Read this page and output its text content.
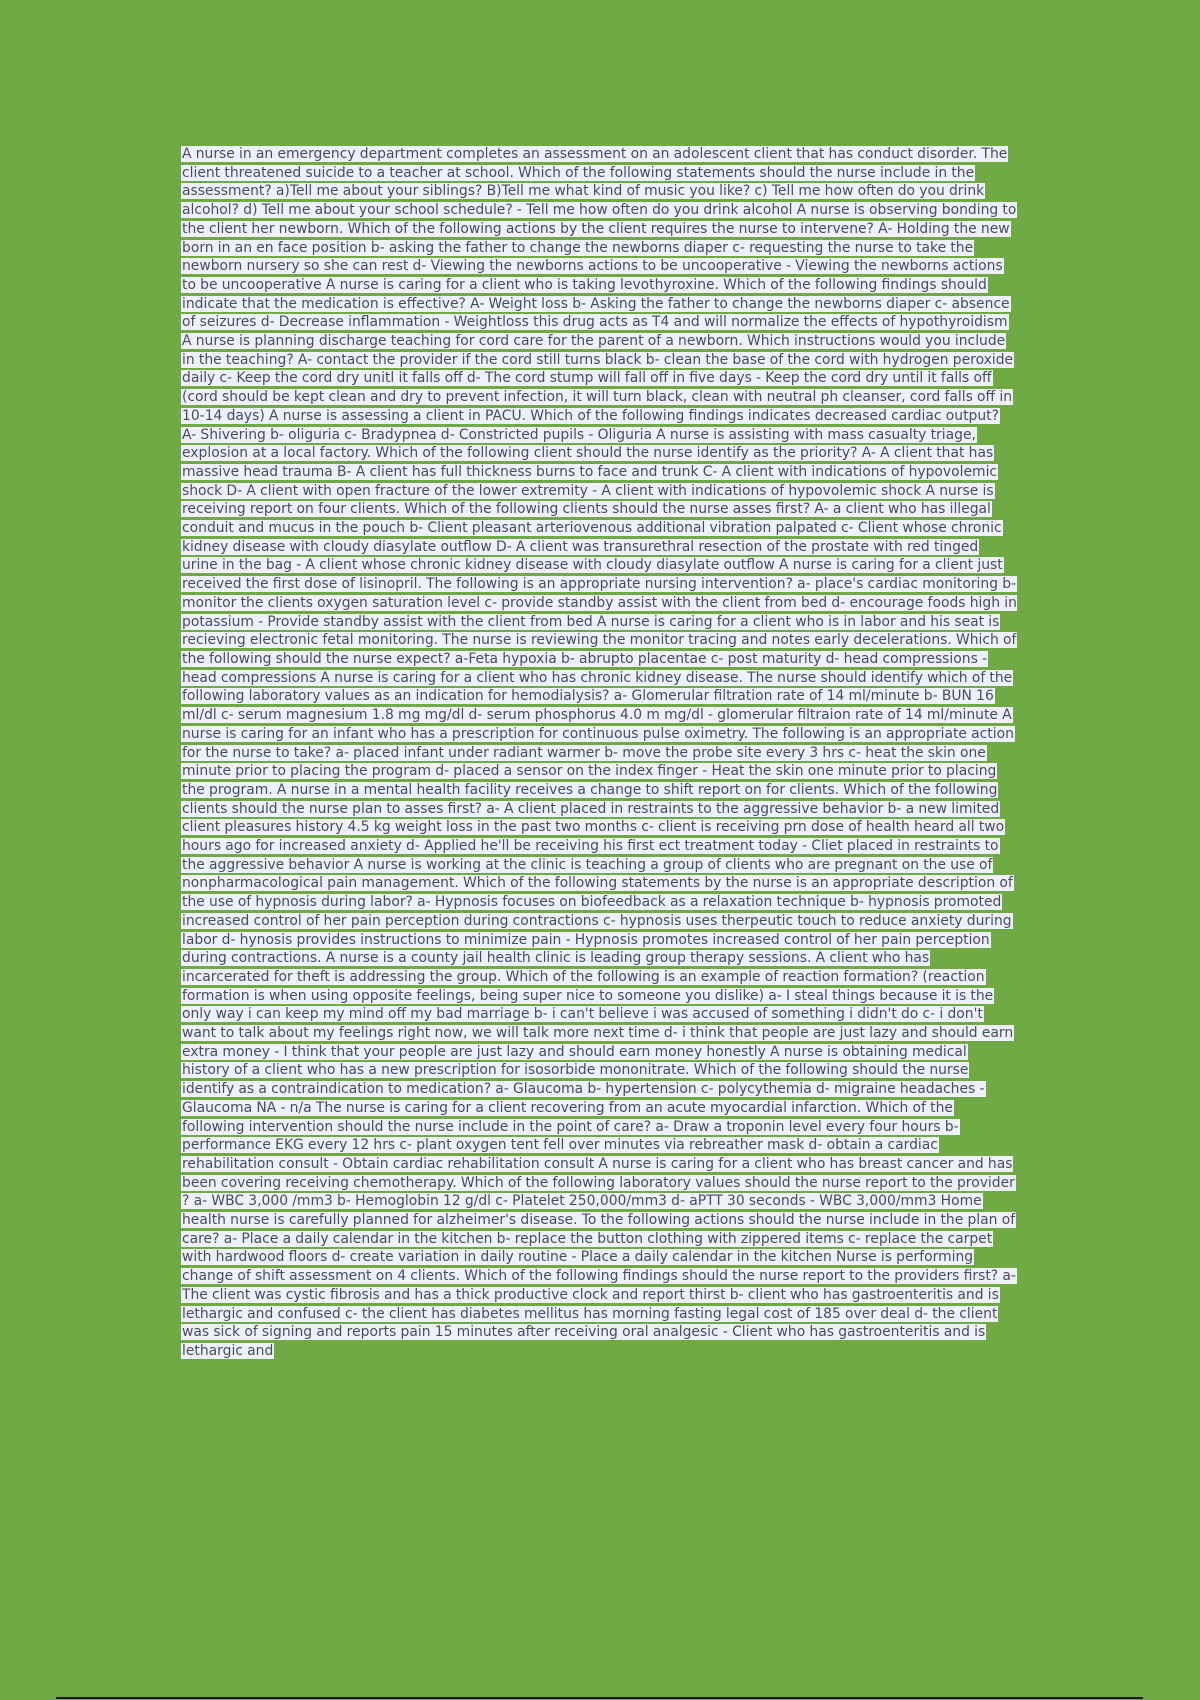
A nurse in an emergency department completes an assessment on an adolescent client that has conduct disorder. The client threatened suicide to a teacher at school. Which of the following statements should the nurse include in the assessment? a)Tell me about your siblings? B)Tell me what kind of music you like? c) Tell me how often do you drink alcohol? d) Tell me about your school schedule? - Tell me how often do you drink alcohol A nurse is observing bonding to the client her newborn. Which of the following actions by the client requires the nurse to intervene? A- Holding the new born in an en face position b- asking the father to change the newborns diaper c- requesting the nurse to take the newborn nursery so she can rest d- Viewing the newborns actions to be uncooperative - Viewing the newborns actions to be uncooperative A nurse is caring for a client who is taking levothyroxine. Which of the following findings should indicate that the medication is effective? A- Weight loss b- Asking the father to change the newborns diaper c- absence of seizures d- Decrease inflammation - Weightloss this drug acts as T4 and will normalize the effects of hypothyroidism A nurse is planning discharge teaching for cord care for the parent of a newborn. Which instructions would you include in the teaching? A- contact the provider if the cord still turns black b- clean the base of the cord with hydrogen peroxide daily c- Keep the cord dry unitl it falls off d- The cord stump will fall off in five days - Keep the cord dry until it falls off (cord should be kept clean and dry to prevent infection, it will turn black, clean with neutral ph cleanser, cord falls off in 10-14 days) A nurse is assessing a client in PACU. Which of the following findings indicates decreased cardiac output? A- Shivering b- oliguria c- Bradypnea d- Constricted pupils - Oliguria A nurse is assisting with mass casualty triage, explosion at a local factory. Which of the following client should the nurse identify as the priority? A- A client that has massive head trauma B- A client has full thickness burns to face and trunk C- A client with indications of hypovolemic shock D- A client with open fracture of the lower extremity - A client with indications of hypovolemic shock A nurse is receiving report on four clients. Which of the following clients should the nurse asses first? A- a client who has illegal conduit and mucus in the pouch b- Client pleasant arteriovenous additional vibration palpated c- Client whose chronic kidney disease with cloudy diasylate outflow D- A client was transurethral resection of the prostate with red tinged urine in the bag - A client whose chronic kidney disease with cloudy diasylate outflow A nurse is caring for a client just received the first dose of lisinopril. The following is an appropriate nursing intervention? a- place's cardiac monitoring b- monitor the clients oxygen saturation level c- provide standby assist with the client from bed d- encourage foods high in potassium - Provide standby assist with the client from bed A nurse is caring for a client who is in labor and his seat is recieving electronic fetal monitoring. The nurse is reviewing the monitor tracing and notes early decelerations. Which of the following should the nurse expect? a-Feta hypoxia b- abrupto placentae c- post maturity d- head compressions - head compressions A nurse is caring for a client who has chronic kidney disease. The nurse should identify which of the following laboratory values as an indication for hemodialysis? a- Glomerular filtration rate of 14 ml/minute b- BUN 16 ml/dl c- serum magnesium 1.8 mg mg/dl d- serum phosphorus 4.0 m mg/dl - glomerular filtraion rate of 14 ml/minute A nurse is caring for an infant who has a prescription for continuous pulse oximetry. The following is an appropriate action for the nurse to take? a- placed infant under radiant warmer b- move the probe site every 3 hrs c- heat the skin one minute prior to placing the program d- placed a sensor on the index finger - Heat the skin one minute prior to placing the program. A nurse in a mental health facility receives a change to shift report on for clients. Which of the following clients should the nurse plan to asses first? a- A client placed in restraints to the aggressive behavior b- a new limited client pleasures history 4.5 kg weight loss in the past two months c- client is receiving prn dose of health heard all two hours ago for increased anxiety d- Applied he'll be receiving his first ect treatment today - Cliet placed in restraints to the aggressive behavior A nurse is working at the clinic is teaching a group of clients who are pregnant on the use of nonpharmacological pain management. Which of the following statements by the nurse is an appropriate description of the use of hypnosis during labor? a- Hypnosis focuses on biofeedback as a relaxation technique b- hypnosis promoted increased control of her pain perception during contractions c- hypnosis uses therpeutic touch to reduce anxiety during labor d- hynosis provides instructions to minimize pain - Hypnosis promotes increased control of her pain perception during contractions. A nurse is a county jail health clinic is leading group therapy sessions. A client who has incarcerated for theft is addressing the group. Which of the following is an example of reaction formation? (reaction formation is when using opposite feelings, being super nice to someone you dislike) a- I steal things because it is the only way i can keep my mind off my bad marriage b- i can't believe i was accused of something i didn't do c- i don't want to talk about my feelings right now, we will talk more next time d- i think that people are just lazy and should earn extra money - I think that your people are just lazy and should earn money honestly A nurse is obtaining medical history of a client who has a new prescription for isosorbide mononitrate. Which of the following should the nurse identify as a contraindication to medication? a- Glaucoma b- hypertension c- polycythemia d- migraine headaches - Glaucoma NA - n/a The nurse is caring for a client recovering from an acute myocardial infarction. Which of the following intervention should the nurse include in the point of care? a- Draw a troponin level every four hours b- performance EKG every 12 hrs c- plant oxygen tent fell over minutes via rebreather mask d- obtain a cardiac rehabilitation consult - Obtain cardiac rehabilitation consult A nurse is caring for a client who has breast cancer and has been covering receiving chemotherapy. Which of the following laboratory values should the nurse report to the provider ? a- WBC 3,000 /mm3 b- Hemoglobin 12 g/dl c- Platelet 250,000/mm3 d- aPTT 30 seconds - WBC 3,000/mm3 Home health nurse is carefully planned for alzheimer's disease. To the following actions should the nurse include in the plan of care? a- Place a daily calendar in the kitchen b- replace the button clothing with zippered items c- replace the carpet with hardwood floors d- create variation in daily routine - Place a daily calendar in the kitchen Nurse is performing change of shift assessment on 4 clients. Which of the following findings should the nurse report to the providers first? a- The client was cystic fibrosis and has a thick productive clock and report thirst b- client who has gastroenteritis and is lethargic and confused c- the client has diabetes mellitus has morning fasting legal cost of 185 over deal d- the client was sick of signing and reports pain 15 minutes after receiving oral analgesic - Client who has gastroenteritis and is lethargic and
